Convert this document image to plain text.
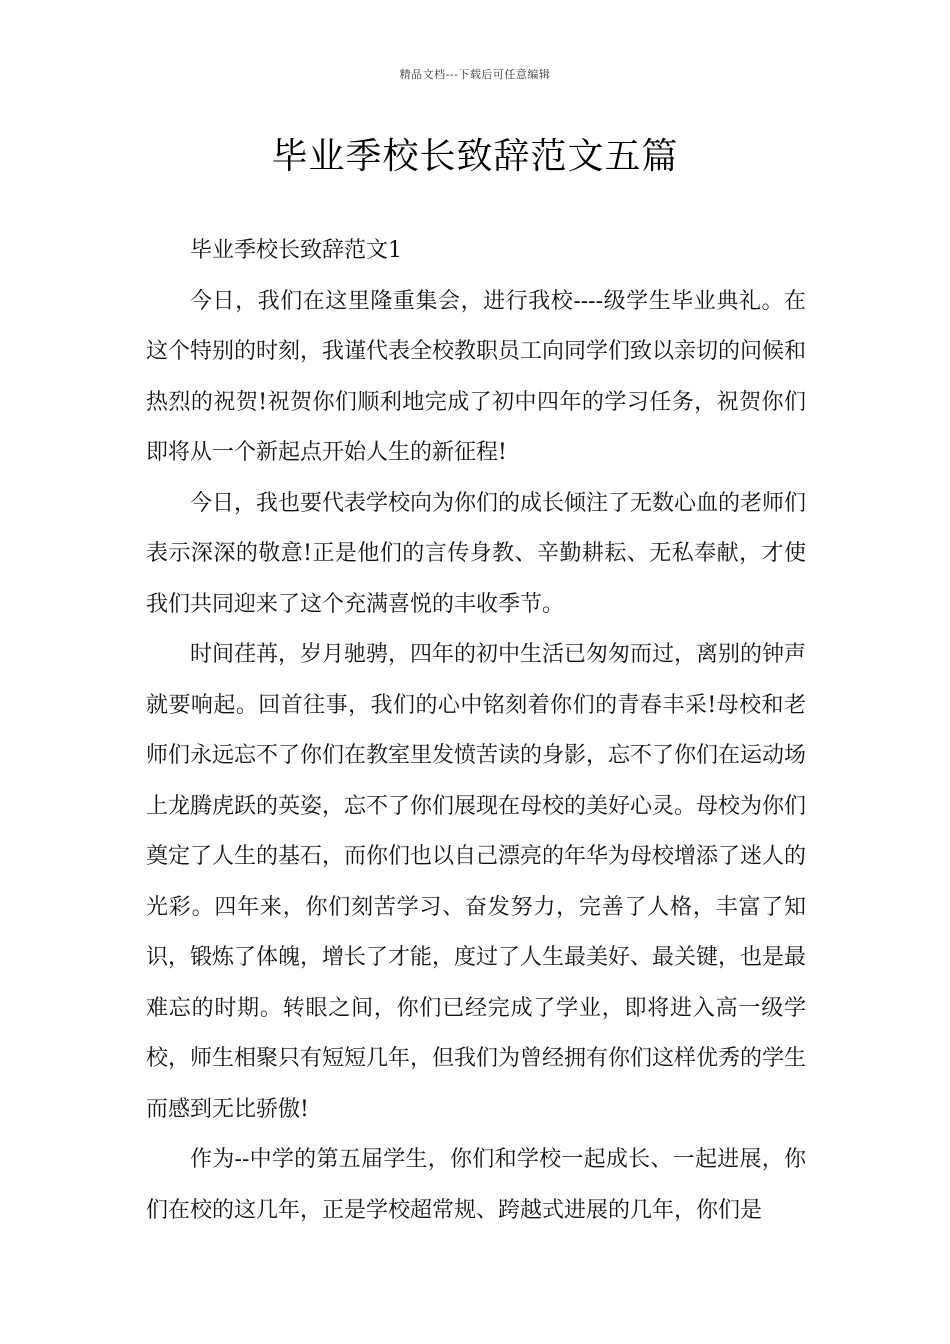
精品文档---下载后可任意编辑
毕业季校长致辞范文五篇

毕业季校长致辞范文1

今日，我们在这里隆重集会，进行我校----级学生毕业典礼。在这个特别的时刻，我谨代表全校教职员工向同学们致以亲切的问候和热烈的祝贺!祝贺你们顺利地完成了初中四年的学习任务，祝贺你们即将从一个新起点开始人生的新征程!

今日，我也要代表学校向为你们的成长倾注了无数心血的老师们表示深深的敬意!正是他们的言传身教、辛勤耕耘、无私奉献，才使我们共同迎来了这个充满喜悦的丰收季节。

时间荏苒，岁月驰骋，四年的初中生活已匆匆而过，离别的钟声就要响起。回首往事，我们的心中铭刻着你们的青春丰采!母校和老师们永远忘不了你们在教室里发愤苦读的身影，忘不了你们在运动场上龙腾虎跃的英姿，忘不了你们展现在母校的美好心灵。母校为你们奠定了人生的基石，而你们也以自己漂亮的年华为母校增添了迷人的光彩。四年来，你们刻苦学习、奋发努力，完善了人格，丰富了知识，锻炼了体魄，增长了才能，度过了人生最美好、最关键，也是最难忘的时期。转眼之间，你们已经完成了学业，即将进入高一级学校，师生相聚只有短短几年，但我们为曾经拥有你们这样优秀的学生而感到无比骄傲!

作为--中学的第五届学生，你们和学校一起成长、一起进展，你们在校的这几年，正是学校超常规、跨越式进展的几年，你们是
